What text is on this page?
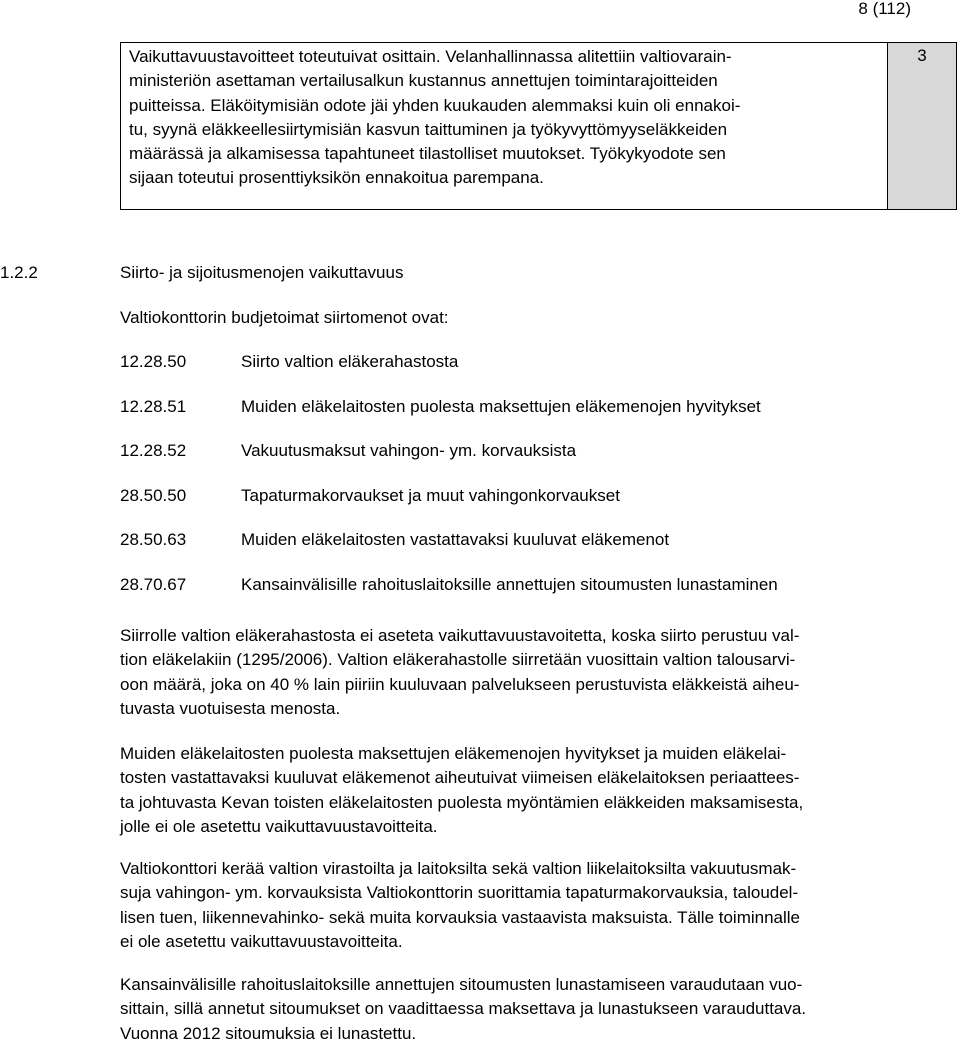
8 (112)
Vaikuttavuustavoitteet toteutuivat osittain. Velanhallinnassa alitettiin valtiovarain-
ministeriön asettaman vertailusalkun kustannus annettujen toimintarajoitteiden
puitteissa. Eläköitymisiän odote jäi yhden kuukauden alemmaksi kuin oli ennakoi-
tu, syynä eläkkeellesiirtymisiän kasvun taittuminen ja työkyvyttömyyseläkkeiden
määrässä ja alkamisessa tapahtuneet tilastolliset muutokset. Työkykyodote sen
sijaan toteutui prosenttiyksikön ennakoitua parempana.
3
1.2.2	Siirto- ja sijoitusmenojen vaikuttavuus
Valtiokonttorin budjetoimat siirtomenot ovat:
12.28.50	Siirto valtion eläkerahastosta
12.28.51	Muiden eläkelaitosten puolesta maksettujen eläkemenojen hyvitykset
12.28.52	Vakuutusmaksut vahingon- ym. korvauksista
28.50.50	Tapaturmakorvaukset ja muut vahingonkorvaukset
28.50.63	Muiden eläkelaitosten vastattavaksi kuuluvat eläkemenot
28.70.67	Kansainvälisille rahoituslaitoksille annettujen sitoumusten lunastaminen
Siirrolle valtion eläkerahastosta ei aseteta vaikuttavuustavoitetta, koska siirto perustuu val-
tion eläkelakiin (1295/2006). Valtion eläkerahastolle siirretään vuosittain valtion talousarvi-
oon määrä, joka on 40 % lain piiriin kuuluvaan palvelukseen perustuvista eläkkeistä aiheu-
tuvasta vuotuisesta menosta.
Muiden eläkelaitosten puolesta maksettujen eläkemenojen hyvitykset ja muiden eläkelai-
tosten vastattavaksi kuuluvat eläkemenot aiheutuivat viimeisen eläkelaitoksen periaattees-
ta johtuvasta Kevan toisten eläkelaitosten puolesta myöntämien eläkkeiden maksamisesta,
jolle ei ole asetettu vaikuttavuustavoitteita.
Valtiokonttori kerää valtion virastoilta ja laitoksilta sekä valtion liikelaitoksilta vakuutusmak-
suja vahingon- ym. korvauksista Valtiokonttorin suorittamia tapaturmakorvauksia, taloudel-
lisen tuen, liikennevahinko- sekä muita korvauksia vastaavista maksuista. Tälle toiminnalle
ei ole asetettu vaikuttavuustavoitteita.
Kansainvälisille rahoituslaitoksille annettujen sitoumusten lunastamiseen varaudutaan vuo-
sittain, sillä annetut sitoumukset on vaadittaessa maksettava ja lunastukseen varauduttava.
Vuonna 2012 sitoumuksia ei lunastettu.
